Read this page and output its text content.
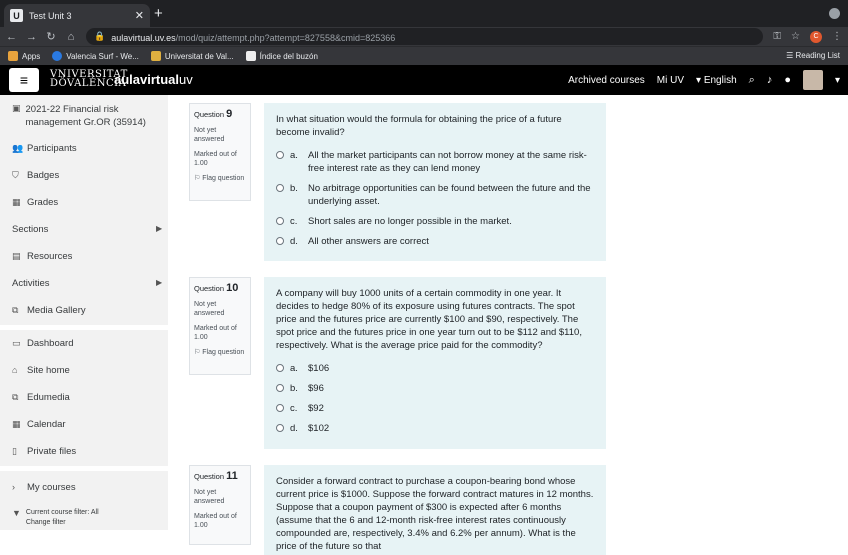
U	Test Unit 3	✕ +
← → ↻ ⌂ 🔒 aulavirtual.uv.es/mod/quiz/attempt.php?attempt=827558&cmid=825366	⚿ ☆	C	⋮
Apps	Valencia Surf - We...	Universitat de Val...	Índice del buzón	☰ Reading List
≡	VNIVERSITAT
DÖVALÈNCIA
aulavirtualuv	Archived courses Mi UV ▾ English ⌕ ♪ ●	▾
▣ 2021-22 Financial risk management Gr.OR (35914)
👥 Participants
⛉ Badges
▦ Grades
Sections	▶
▤ Resources
Activities	▶
⧉ Media Gallery
▭ Dashboard
⌂	Site home
⧉ Edumedia
▦ Calendar
▯	Private files
›	My courses
▼ Current course filter: All Change filter
Question 9

Not yet answered

Marked out of 1.00

⚐ Flag question

In what situation would the formula for obtaining the price of a future become invalid?
a.	All the market participants can not borrow money at the same risk-free interest rate as they can lend money
b.	No arbitrage opportunities can be found between the future and the underlying asset.
c.	Short sales are no longer possible in the market.
d.	All other answers are correct
Question 10

Not yet answered

Marked out of 1.00

⚐ Flag question

A company will buy 1000 units of a certain commodity in one year. It decides to hedge 80% of its exposure using futures contracts. The spot price and the futures price are currently $100 and $90, respectively. The spot price and the futures price in one year turn out to be $112 and $110, respectively. What is the average price paid for the commodity?
a.	$106
b.	$96
c.	$92
d.	$102
Question 11

Not yet answered

Marked out of 1.00

Consider a forward contract to purchase a coupon-bearing bond whose current price is $1000. Suppose the forward contract matures in 12 months. Suppose that a coupon payment of $300 is expected after 6 months (assume that the 6 and 12-month risk-free interest rates continuously compounded are, respectively, 3.4% and 6.2% per annum). What is the price of the future so that
